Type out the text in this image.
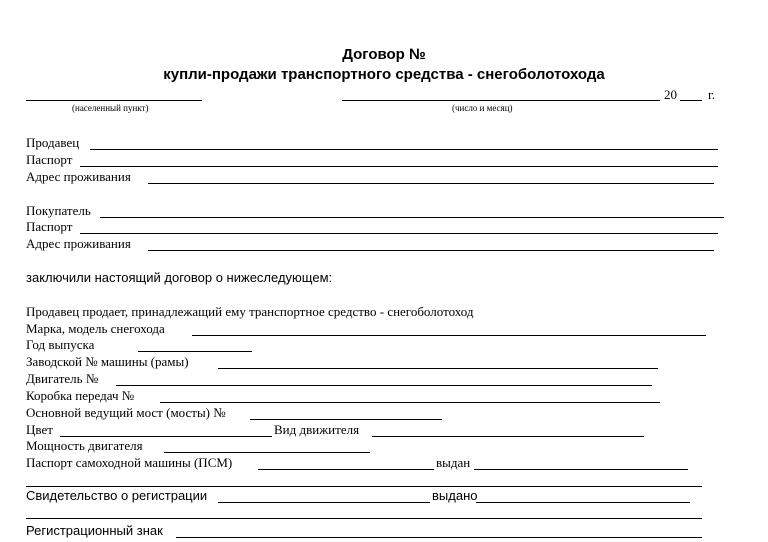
Договор №
купли-продажи транспортного средства - снегоболотохода
(населенный пункт)	(число и месяц)
20 г.
Продавец
Паспорт
Адрес проживания
Покупатель
Паспорт
Адрес проживания
заключили настоящий договор о нижеследующем:
Продавец продает, принадлежащий ему транспортное средство - снегоболотоход
Марка, модель снегохода
Год выпуска
Заводской № машины (рамы)
Двигатель №
Коробка передач №
Основной ведущий мост (мосты) №
Цвет	Вид движителя
Мощность двигателя
Паспорт самоходной машины (ПСМ)	выдан
Свидетельство о регистрации	выдано
Регистрационный знак
